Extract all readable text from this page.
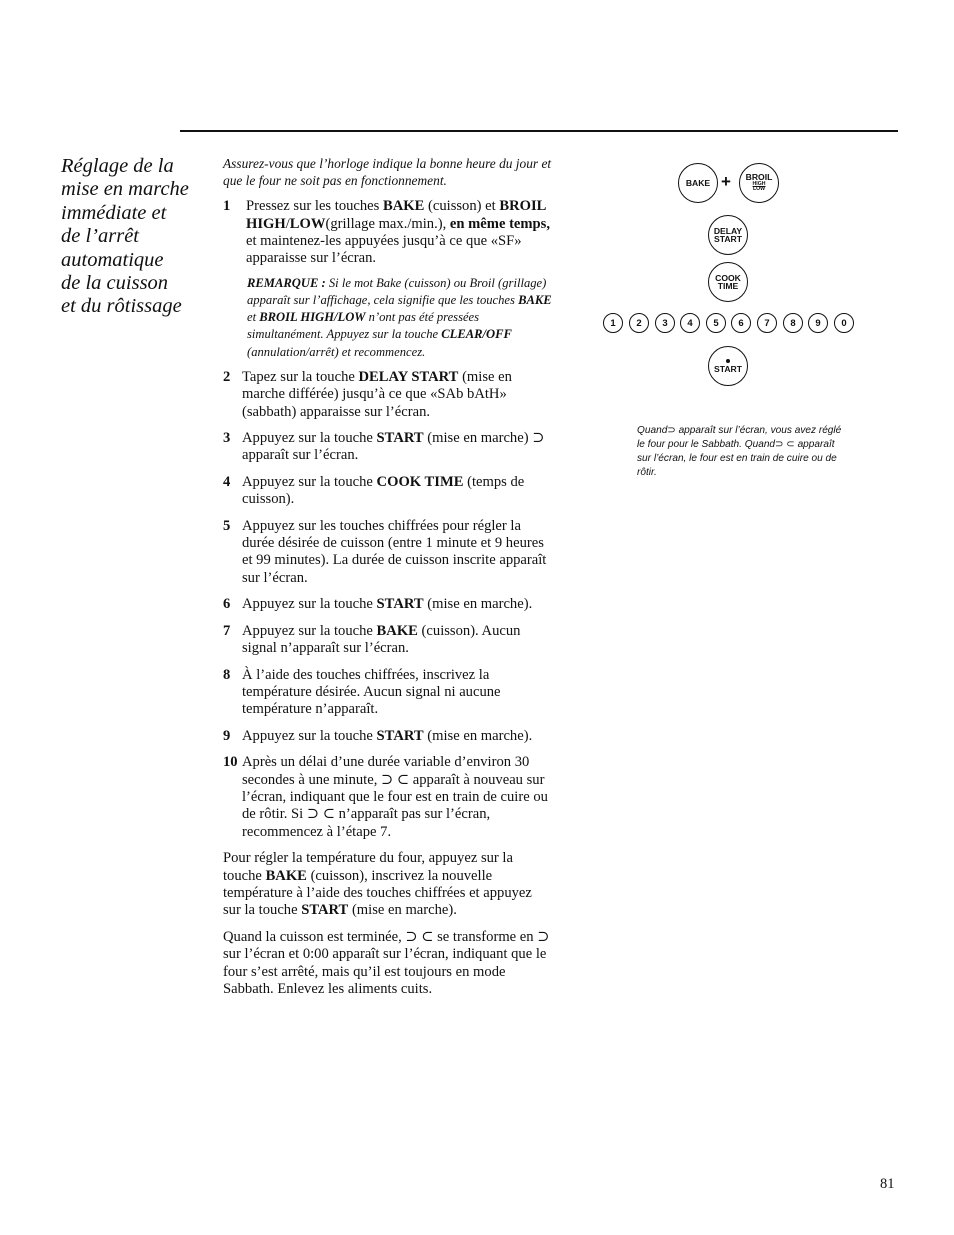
Réglage de la
mise en marche
immédiate et
de l’arrêt
automatique
de la cuisson
et du rôtissage

Assurez-vous que l’horloge indique la bonne heure du jour et que le four ne soit pas en fonctionnement.

1 Pressez sur les touches BAKE (cuisson) et BROIL HIGH/LOW(grillage max./min.), en même temps, et maintenez-les appuyées jusqu’à ce que «SF» apparaisse sur l’écran.

REMARQUE : Si le mot Bake (cuisson) ou Broil (grillage) apparaît sur l’affichage, cela signifie que les touches BAKE et BROIL HIGH/LOW n’ont pas été pressées simultanément. Appuyez sur la touche CLEAR/OFF (annulation/arrêt) et recommencez.

2 Tapez sur la touche DELAY START (mise en marche différée) jusqu’à ce que «SAb bAtH» (sabbath) apparaisse sur l’écran.
3 Appuyez sur la touche START (mise en marche) ⊃ apparaît sur l’écran.
4 Appuyez sur la touche COOK TIME (temps de cuisson).
5 Appuyez sur les touches chiffrées pour régler la durée désirée de cuisson (entre 1 minute et 9 heures et 99 minutes). La durée de cuisson inscrite apparaît sur l’écran.
6 Appuyez sur la touche START (mise en marche).
7 Appuyez sur la touche BAKE (cuisson). Aucun signal n’apparaît sur l’écran.
8 À l’aide des touches chiffrées, inscrivez la température désirée. Aucun signal ni aucune température n’apparaît.
9 Appuyez sur la touche START (mise en marche).
10 Après un délai d’une durée variable d’environ 30 secondes à une minute, ⊃ ⊂ apparaît à nouveau sur l’écran, indiquant que le four est en train de cuire ou de rôtir. Si ⊃ ⊂ n’apparaît pas sur l’écran, recommencez à l’étape 7.

Pour régler la température du four, appuyez sur la touche BAKE (cuisson), inscrivez la nouvelle température à l’aide des touches chiffrées et appuyez sur la touche START (mise en marche).

Quand la cuisson est terminée, ⊃ ⊂ se transforme en ⊃ sur l’écran et 0:00 apparaît sur l’écran, indiquant que le four s’est arrêté, mais qu’il est toujours en mode Sabbath. Enlevez les aliments cuits.

BAKE + BROIL
HIGH
LOW
DELAY
START
COOK
TIME
1 2 3 4 5 6 7 8 9 0
START

Quand⊃ apparaît sur l’écran, vous avez réglé le four pour le Sabbath. Quand⊃ ⊂ apparaît sur l’écran, le four est en train de cuire ou de rôtir.

81
